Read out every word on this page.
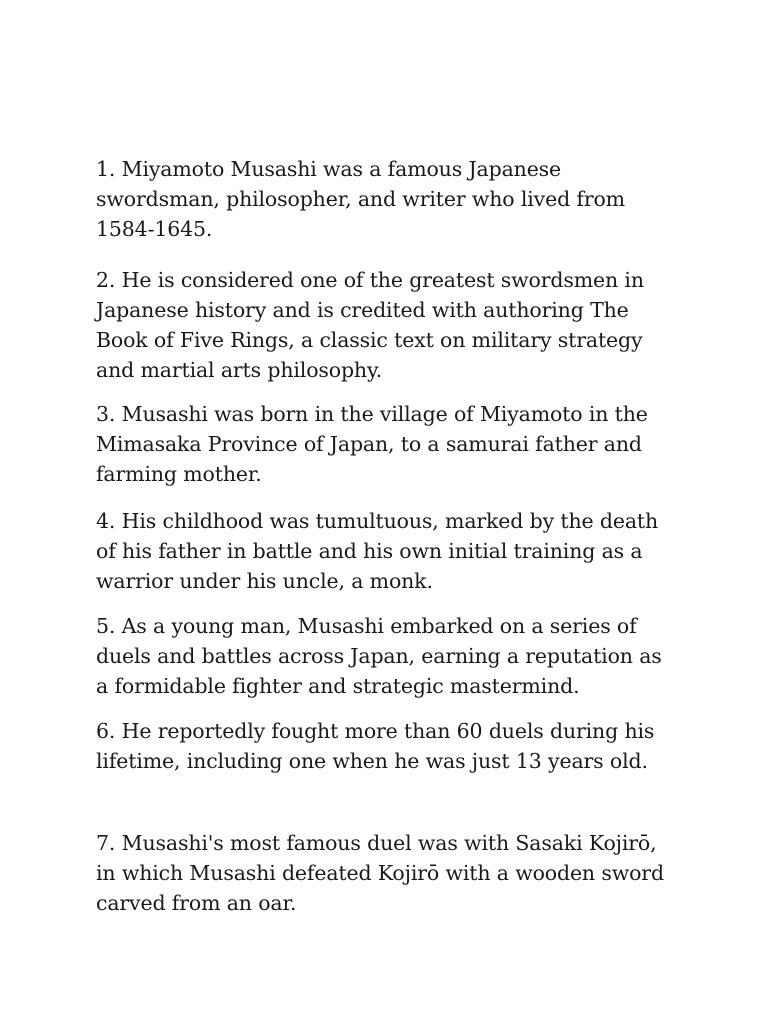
1. Miyamoto Musashi was a famous Japanese swordsman, philosopher, and writer who lived from 1584-1645.

2. He is considered one of the greatest swordsmen in Japanese history and is credited with authoring The Book of Five Rings, a classic text on military strategy and martial arts philosophy.

3. Musashi was born in the village of Miyamoto in the Mimasaka Province of Japan, to a samurai father and farming mother.

4. His childhood was tumultuous, marked by the death of his father in battle and his own initial training as a warrior under his uncle, a monk.

5. As a young man, Musashi embarked on a series of duels and battles across Japan, earning a reputation as a formidable fighter and strategic mastermind.

6. He reportedly fought more than 60 duels during his lifetime, including one when he was just 13 years old.

7. Musashi's most famous duel was with Sasaki Kojirō, in which Musashi defeated Kojirō with a wooden sword carved from an oar.
